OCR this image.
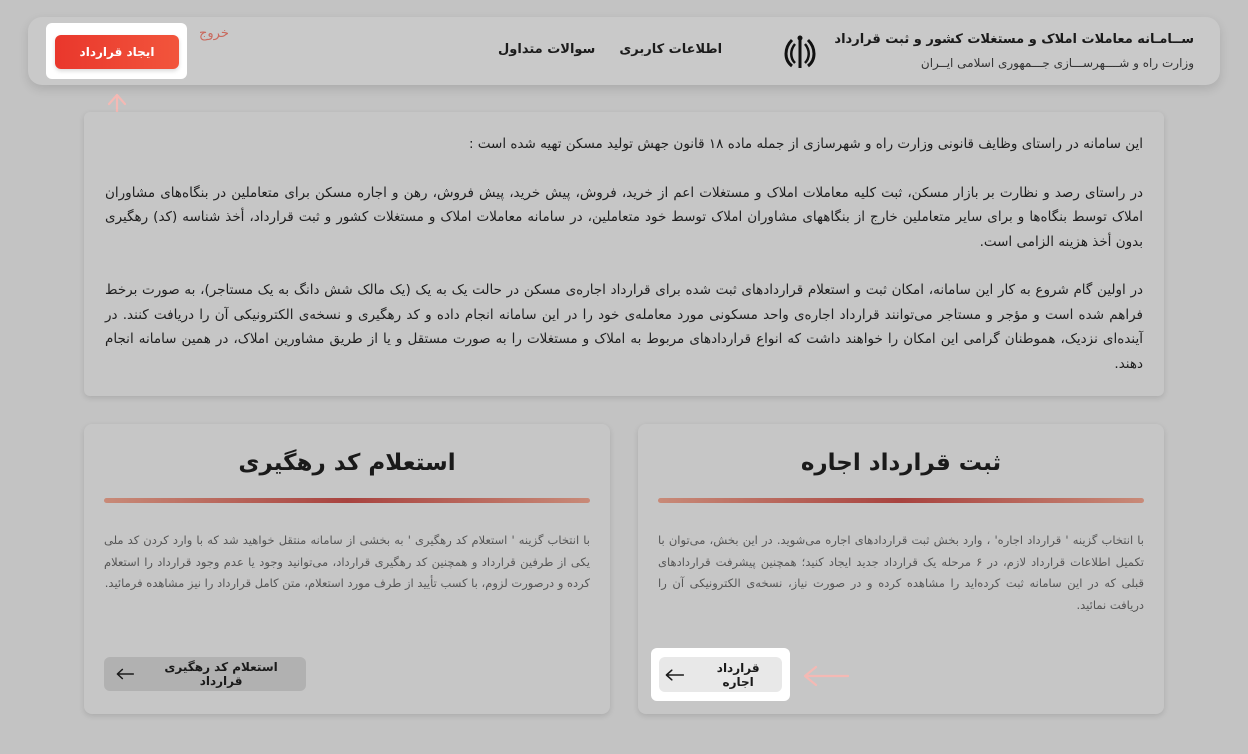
ســامـانه معاملات املاک و مستغلات کشور و ثبت قرارداد
وزارت راه و شــــهرســـازی جـــمهوری اسلامی ایــران
اطلاعات کاربری
سوالات متداول
خروج
ایجاد قرارداد

این سامانه در راستای وظایف قانونی وزارت راه و شهرسازی از جمله ماده ۱۸ قانون جهش تولید مسکن تهیه شده است :

در راستای رصد و نظارت بر بازار مسکن، ثبت کلیه معاملات املاک و مستغلات اعم از خرید، فروش، پیش خرید، پیش فروش، رهن و اجاره مسکن برای متعاملین در بنگاه‌های مشاوران املاک توسط بنگاه‌ها و برای سایر متعاملین خارج از بنگاههای مشاوران املاک توسط خود متعاملین، در سامانه معاملات املاک و مستغلات کشور و ثبت قرارداد، أخذ شناسه (کد) رهگیری بدون أخذ هزینه الزامی است.

در اولین گام شروع به کار این سامانه، امکان ثبت و استعلام قراردادهای ثبت شده برای قرارداد اجاره‌ی مسکن در حالت یک به یک (یک مالک شش دانگ به یک مستاجر)، به صورت برخط فراهم شده است و مؤجر و مستاجر می‌توانند قرارداد اجاره‌ی واحد مسکونی مورد معامله‌ی خود را در این سامانه انجام داده و کد رهگیری و نسخه‌ی الکترونیکی آن را دریافت کنند. در آینده‌ای نزدیک، هموطنان گرامی این امکان را خواهند داشت که انواع قراردادهای مربوط به املاک و مستغلات را به صورت مستقل و یا از طریق مشاورین املاک، در همین سامانه انجام دهند.

ثبت قرارداد اجاره
با انتخاب گزینه ' قرارداد اجاره' ، وارد بخش ثبت قراردادهای اجاره می‌شوید. در این بخش، می‌توان با تکمیل اطلاعات قرارداد لازم، در ۶ مرحله یک قرارداد جدید ایجاد کنید؛ همچنین پیشرفت قراردادهای قبلی که در این سامانه ثبت کرده‌اید را مشاهده کرده و در صورت نیاز، نسخه‌ی الکترونیکی آن را دریافت نمائید.
استعلام کد رهگیری
با انتخاب گزینه ' استعلام کد رهگیری ' به بخشی از سامانه منتقل خواهید شد که با وارد کردن کد ملی یکی از طرفین قرارداد و همچنین کد رهگیری قرارداد، می‌توانید وجود یا عدم وجود قرارداد را استعلام کرده و درصورت لزوم، با کسب تأیید از طرف مورد استعلام، متن کامل قرارداد را نیز مشاهده فرمائید.
استعلام کد رهگیری قرارداد
قرارداد اجاره
